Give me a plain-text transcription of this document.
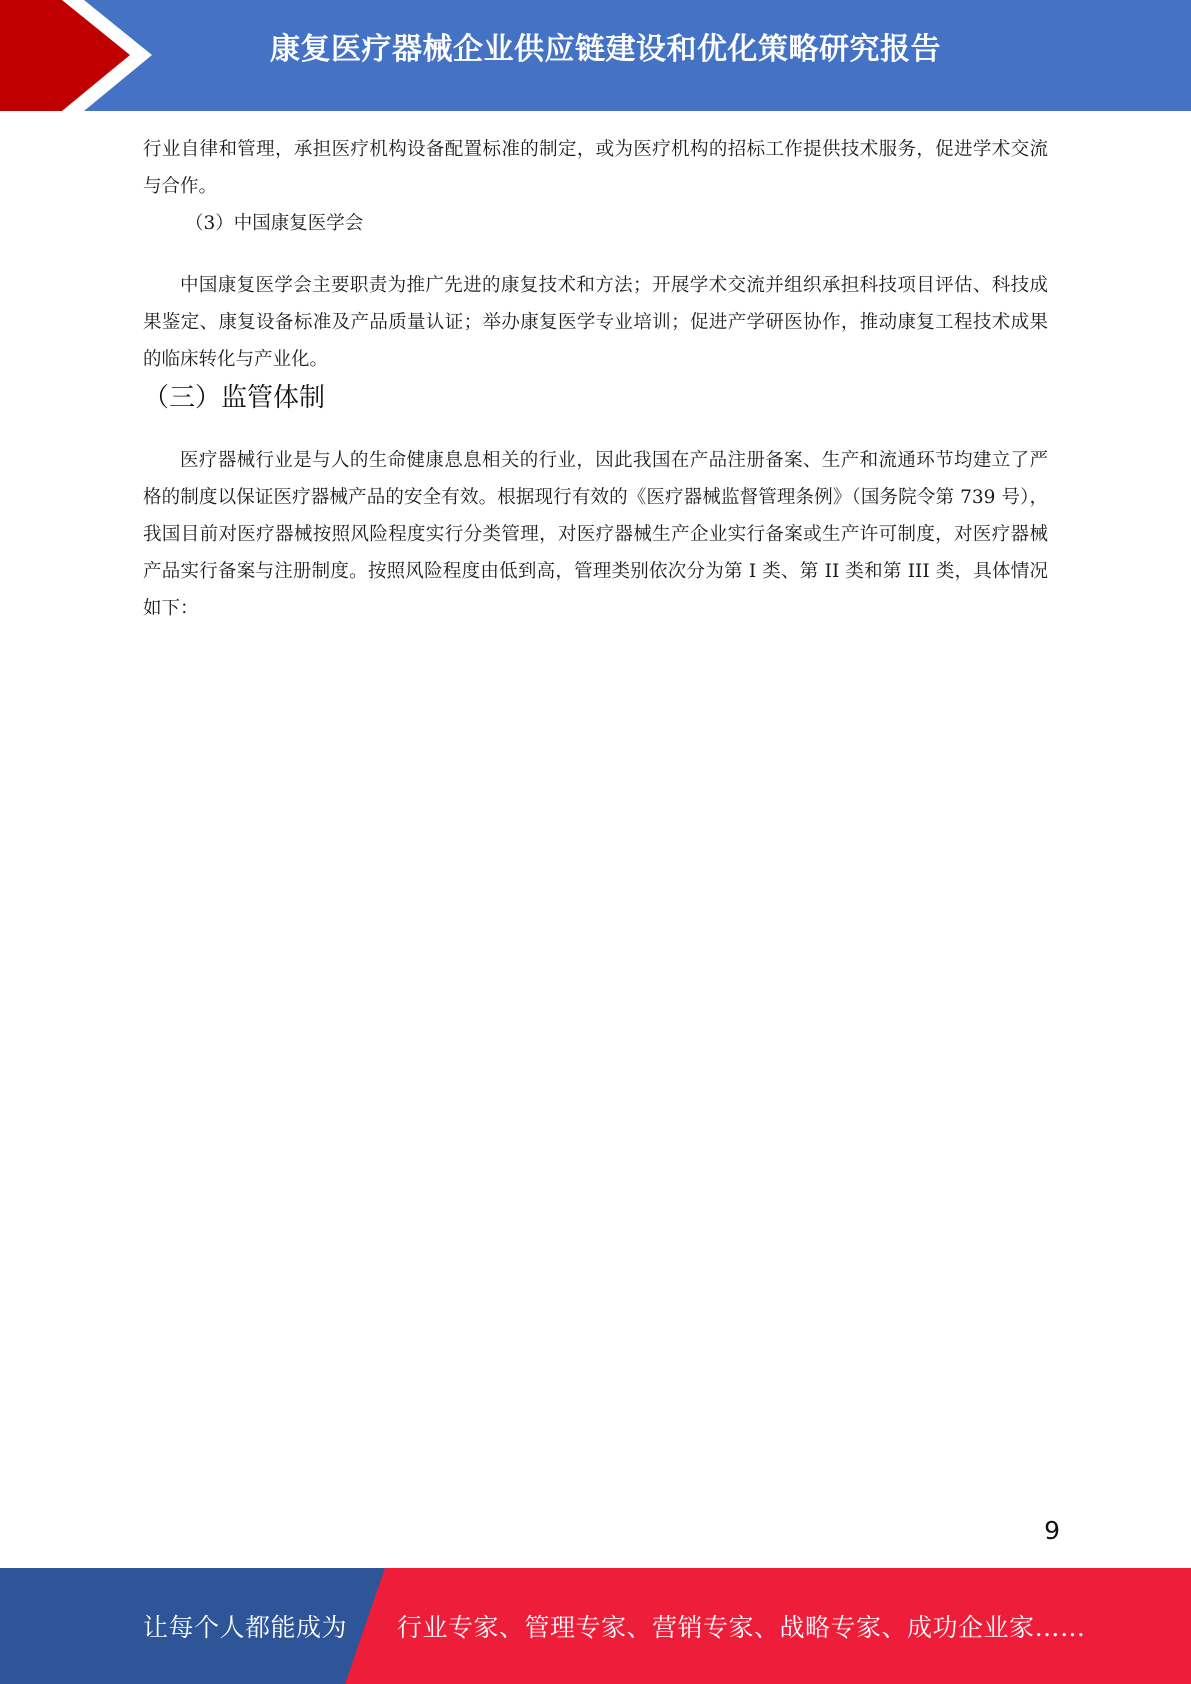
康复医疗器械企业供应链建设和优化策略研究报告

行业自律和管理，承担医疗机构设备配置标准的制定，或为医疗机构的招标工作提供技术服务，促进学术交流与合作。

（3）中国康复医学会

中国康复医学会主要职责为推广先进的康复技术和方法；开展学术交流并组织承担科技项目评估、科技成果鉴定、康复设备标准及产品质量认证；举办康复医学专业培训；促进产学研医协作，推动康复工程技术成果的临床转化与产业化。

（三）监管体制

医疗器械行业是与人的生命健康息息相关的行业，因此我国在产品注册备案、生产和流通环节均建立了严格的制度以保证医疗器械产品的安全有效。根据现行有效的《医疗器械监督管理条例》（国务院令第 739 号），我国目前对医疗器械按照风险程度实行分类管理，对医疗器械生产企业实行备案或生产许可制度，对医疗器械产品实行备案与注册制度。按照风险程度由低到高，管理类别依次分为第 I 类、第 II 类和第 III 类，具体情况如下：

9
让每个人都能成为 行业专家、管理专家、营销专家、战略专家、成功企业家……
